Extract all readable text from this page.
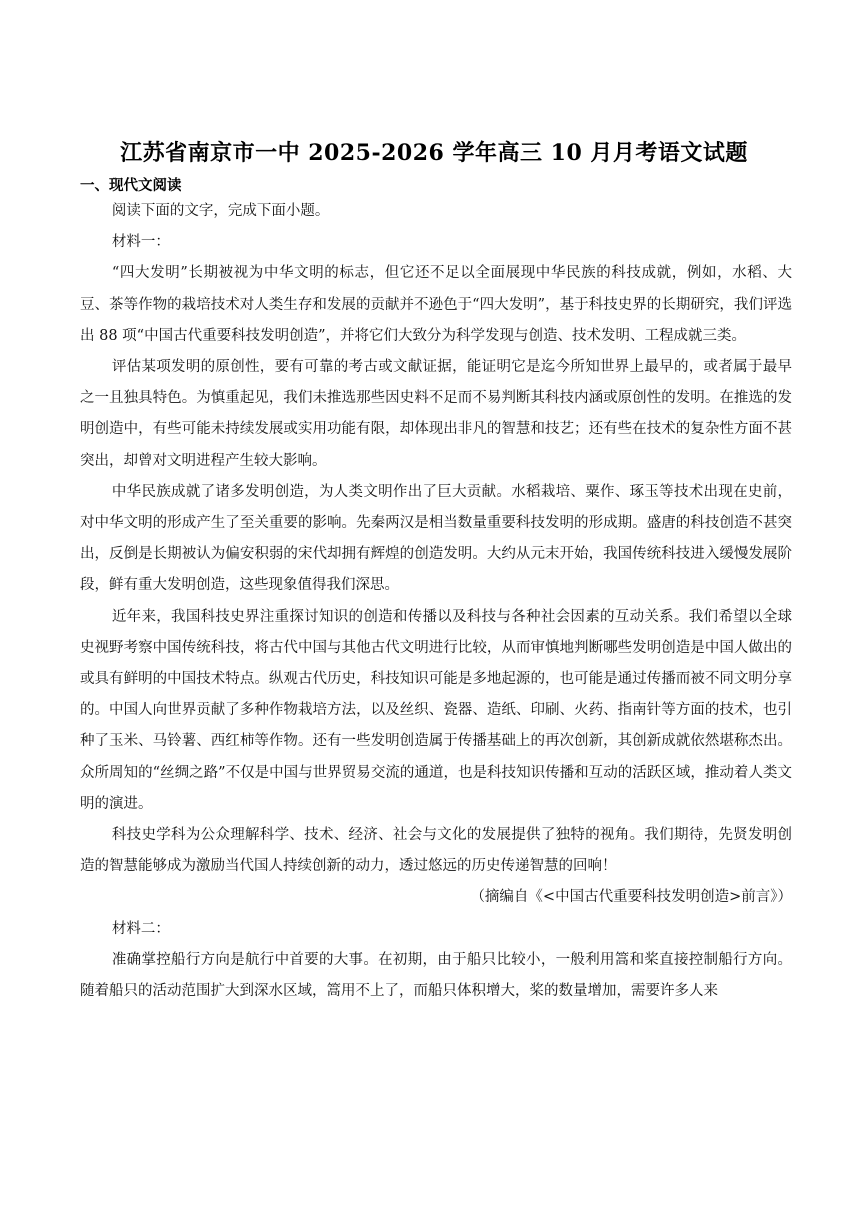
江苏省南京市一中 2025-2026 学年高三 10 月月考语文试题
一、现代文阅读

阅读下面的文字，完成下面小题。

材料一：

“四大发明”长期被视为中华文明的标志，但它还不足以全面展现中华民族的科技成就，例如，水稻、大豆、茶等作物的栽培技术对人类生存和发展的贡献并不逊色于“四大发明”，基于科技史界的长期研究，我们评选出 88 项“中国古代重要科技发明创造”，并将它们大致分为科学发现与创造、技术发明、工程成就三类。

评估某项发明的原创性，要有可靠的考古或文献证据，能证明它是迄今所知世界上最早的，或者属于最早之一且独具特色。为慎重起见，我们未推选那些因史料不足而不易判断其科技内涵或原创性的发明。在推选的发明创造中，有些可能未持续发展或实用功能有限，却体现出非凡的智慧和技艺；还有些在技术的复杂性方面不甚突出，却曾对文明进程产生较大影响。

中华民族成就了诸多发明创造，为人类文明作出了巨大贡献。水稻栽培、粟作、琢玉等技术出现在史前，对中华文明的形成产生了至关重要的影响。先秦两汉是相当数量重要科技发明的形成期。盛唐的科技创造不甚突出，反倒是长期被认为偏安积弱的宋代却拥有辉煌的创造发明。大约从元末开始，我国传统科技进入缓慢发展阶段，鲜有重大发明创造，这些现象值得我们深思。

近年来，我国科技史界注重探讨知识的创造和传播以及科技与各种社会因素的互动关系。我们希望以全球史视野考察中国传统科技，将古代中国与其他古代文明进行比较，从而审慎地判断哪些发明创造是中国人做出的或具有鲜明的中国技术特点。纵观古代历史，科技知识可能是多地起源的，也可能是通过传播而被不同文明分享的。中国人向世界贡献了多种作物栽培方法，以及丝织、瓷器、造纸、印刷、火药、指南针等方面的技术，也引种了玉米、马铃薯、西红柿等作物。还有一些发明创造属于传播基础上的再次创新，其创新成就依然堪称杰出。众所周知的“丝绸之路”不仅是中国与世界贸易交流的通道，也是科技知识传播和互动的活跃区域，推动着人类文明的演进。

科技史学科为公众理解科学、技术、经济、社会与文化的发展提供了独特的视角。我们期待，先贤发明创造的智慧能够成为激励当代国人持续创新的动力，透过悠远的历史传递智慧的回响！

（摘编自《<中国古代重要科技发明创造>前言》）

材料二：

准确掌控船行方向是航行中首要的大事。在初期，由于船只比较小，一般利用篙和桨直接控制船行方向。随着船只的活动范围扩大到深水区域，篙用不上了，而船只体积增大，桨的数量增加，需要许多人来
